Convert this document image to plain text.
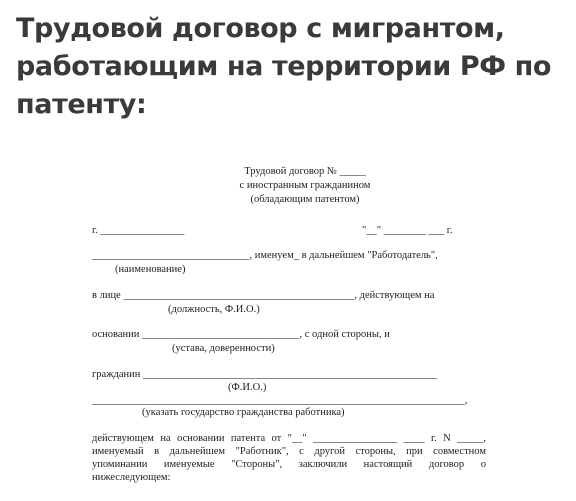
Трудовой договор с мигрантом,
работающим на территории РФ по
патенту:
Трудовой договор № _____
с иностранным гражданином
(обладающим патентом)
г. ________________	"__" ________ ___ г.
______________________________, именуем_ в дальнейшем "Работодатель",
(наименование)
в лице ____________________________________________, действующем на
(должность, Ф.И.О.)
основании ______________________________, с одной стороны, и
(устава, доверенности)
гражданин ________________________________________________________
(Ф.И.О.)
_______________________________________________________________________,
(указать государство гражданства работника)
действующем на основании патента от "__" ________________ ____ г. N _____,
именуемый в дальнейшем "Работник", с другой стороны, при совместном
упоминании именуемые "Стороны", заключили настоящий договор о
нижеследующем:
